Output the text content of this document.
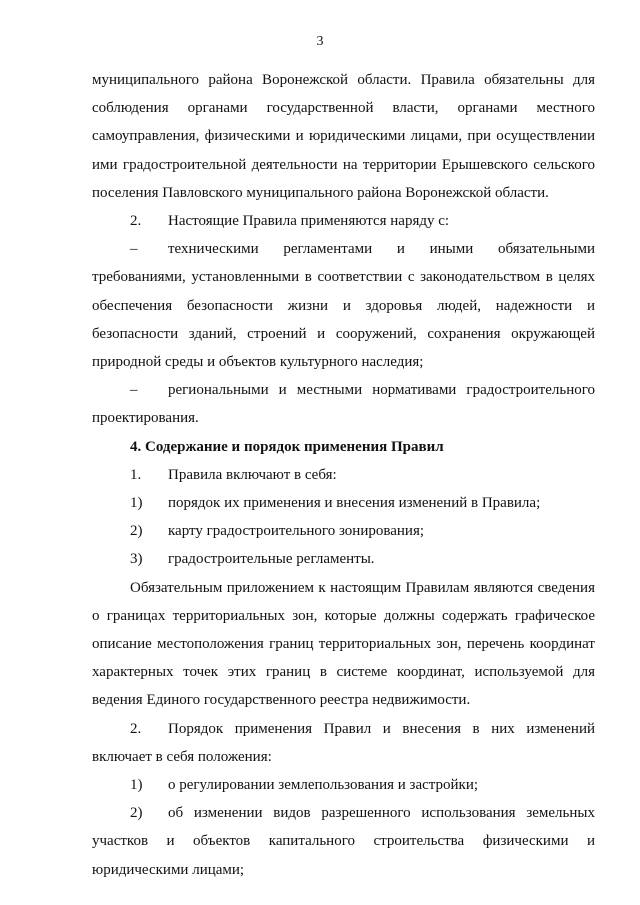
3

муниципального района Воронежской области. Правила обязательны для

соблюдения органами государственной власти, органами местного

самоуправления, физическими и юридическими лицами, при осуществлении

ими градостроительной деятельности на территории Ерышевского сельского

поселения Павловского муниципального района Воронежской области.

2.	Настоящие Правила применяются наряду с:
–	техническими регламентами и иными обязательными

требованиями, установленными в соответствии с законодательством в целях

обеспечения безопасности жизни и здоровья людей, надежности и

безопасности зданий, строений и сооружений, сохранения окружающей

природной среды и объектов культурного наследия;

–	региональными и местными нормативами градостроительного

проектирования.

4. Содержание и порядок применения Правил

1.	Правила включают в себя:
1)	порядок их применения и внесения изменений в Правила;
2)	карту градостроительного зонирования;
3)	градостроительные регламенты.

Обязательным приложением к настоящим Правилам являются сведения

о границах территориальных зон, которые должны содержать графическое

описание местоположения границ территориальных зон, перечень координат

характерных точек этих границ в системе координат, используемой для

ведения Единого государственного реестра недвижимости.

2.	Порядок применения Правил и внесения в них изменений

включает в себя положения:

1)	о регулировании землепользования и застройки;
2)	об изменении видов разрешенного использования земельных

участков и объектов капитального строительства физическими и

юридическими лицами;
